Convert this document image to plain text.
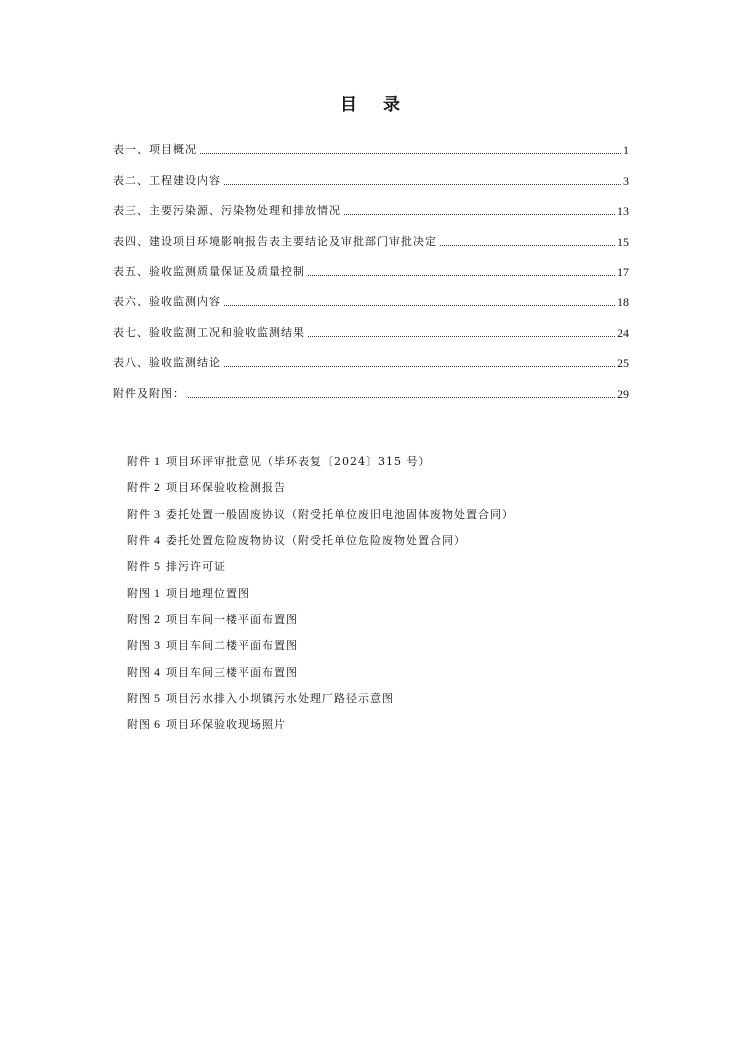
目 录
表一、项目概况	1
表二、工程建设内容	3
表三、主要污染源、污染物处理和排放情况	13
表四、建设项目环境影响报告表主要结论及审批部门审批决定	15
表五、验收监测质量保证及质量控制	17
表六、验收监测内容	18
表七、验收监测工况和验收监测结果	24
表八、验收监测结论	25
附件及附图：	29
附件 1 项目环评审批意见（毕环表复〔2024〕315 号）
附件 2 项目环保验收检测报告
附件 3 委托处置一般固废协议（附受托单位废旧电池固体废物处置合同）
附件 4 委托处置危险废物协议（附受托单位危险废物处置合同）
附件 5 排污许可证
附图 1 项目地理位置图
附图 2 项目车间一楼平面布置图
附图 3 项目车间二楼平面布置图
附图 4 项目车间三楼平面布置图
附图 5 项目污水排入小坝镇污水处理厂路径示意图
附图 6 项目环保验收现场照片
